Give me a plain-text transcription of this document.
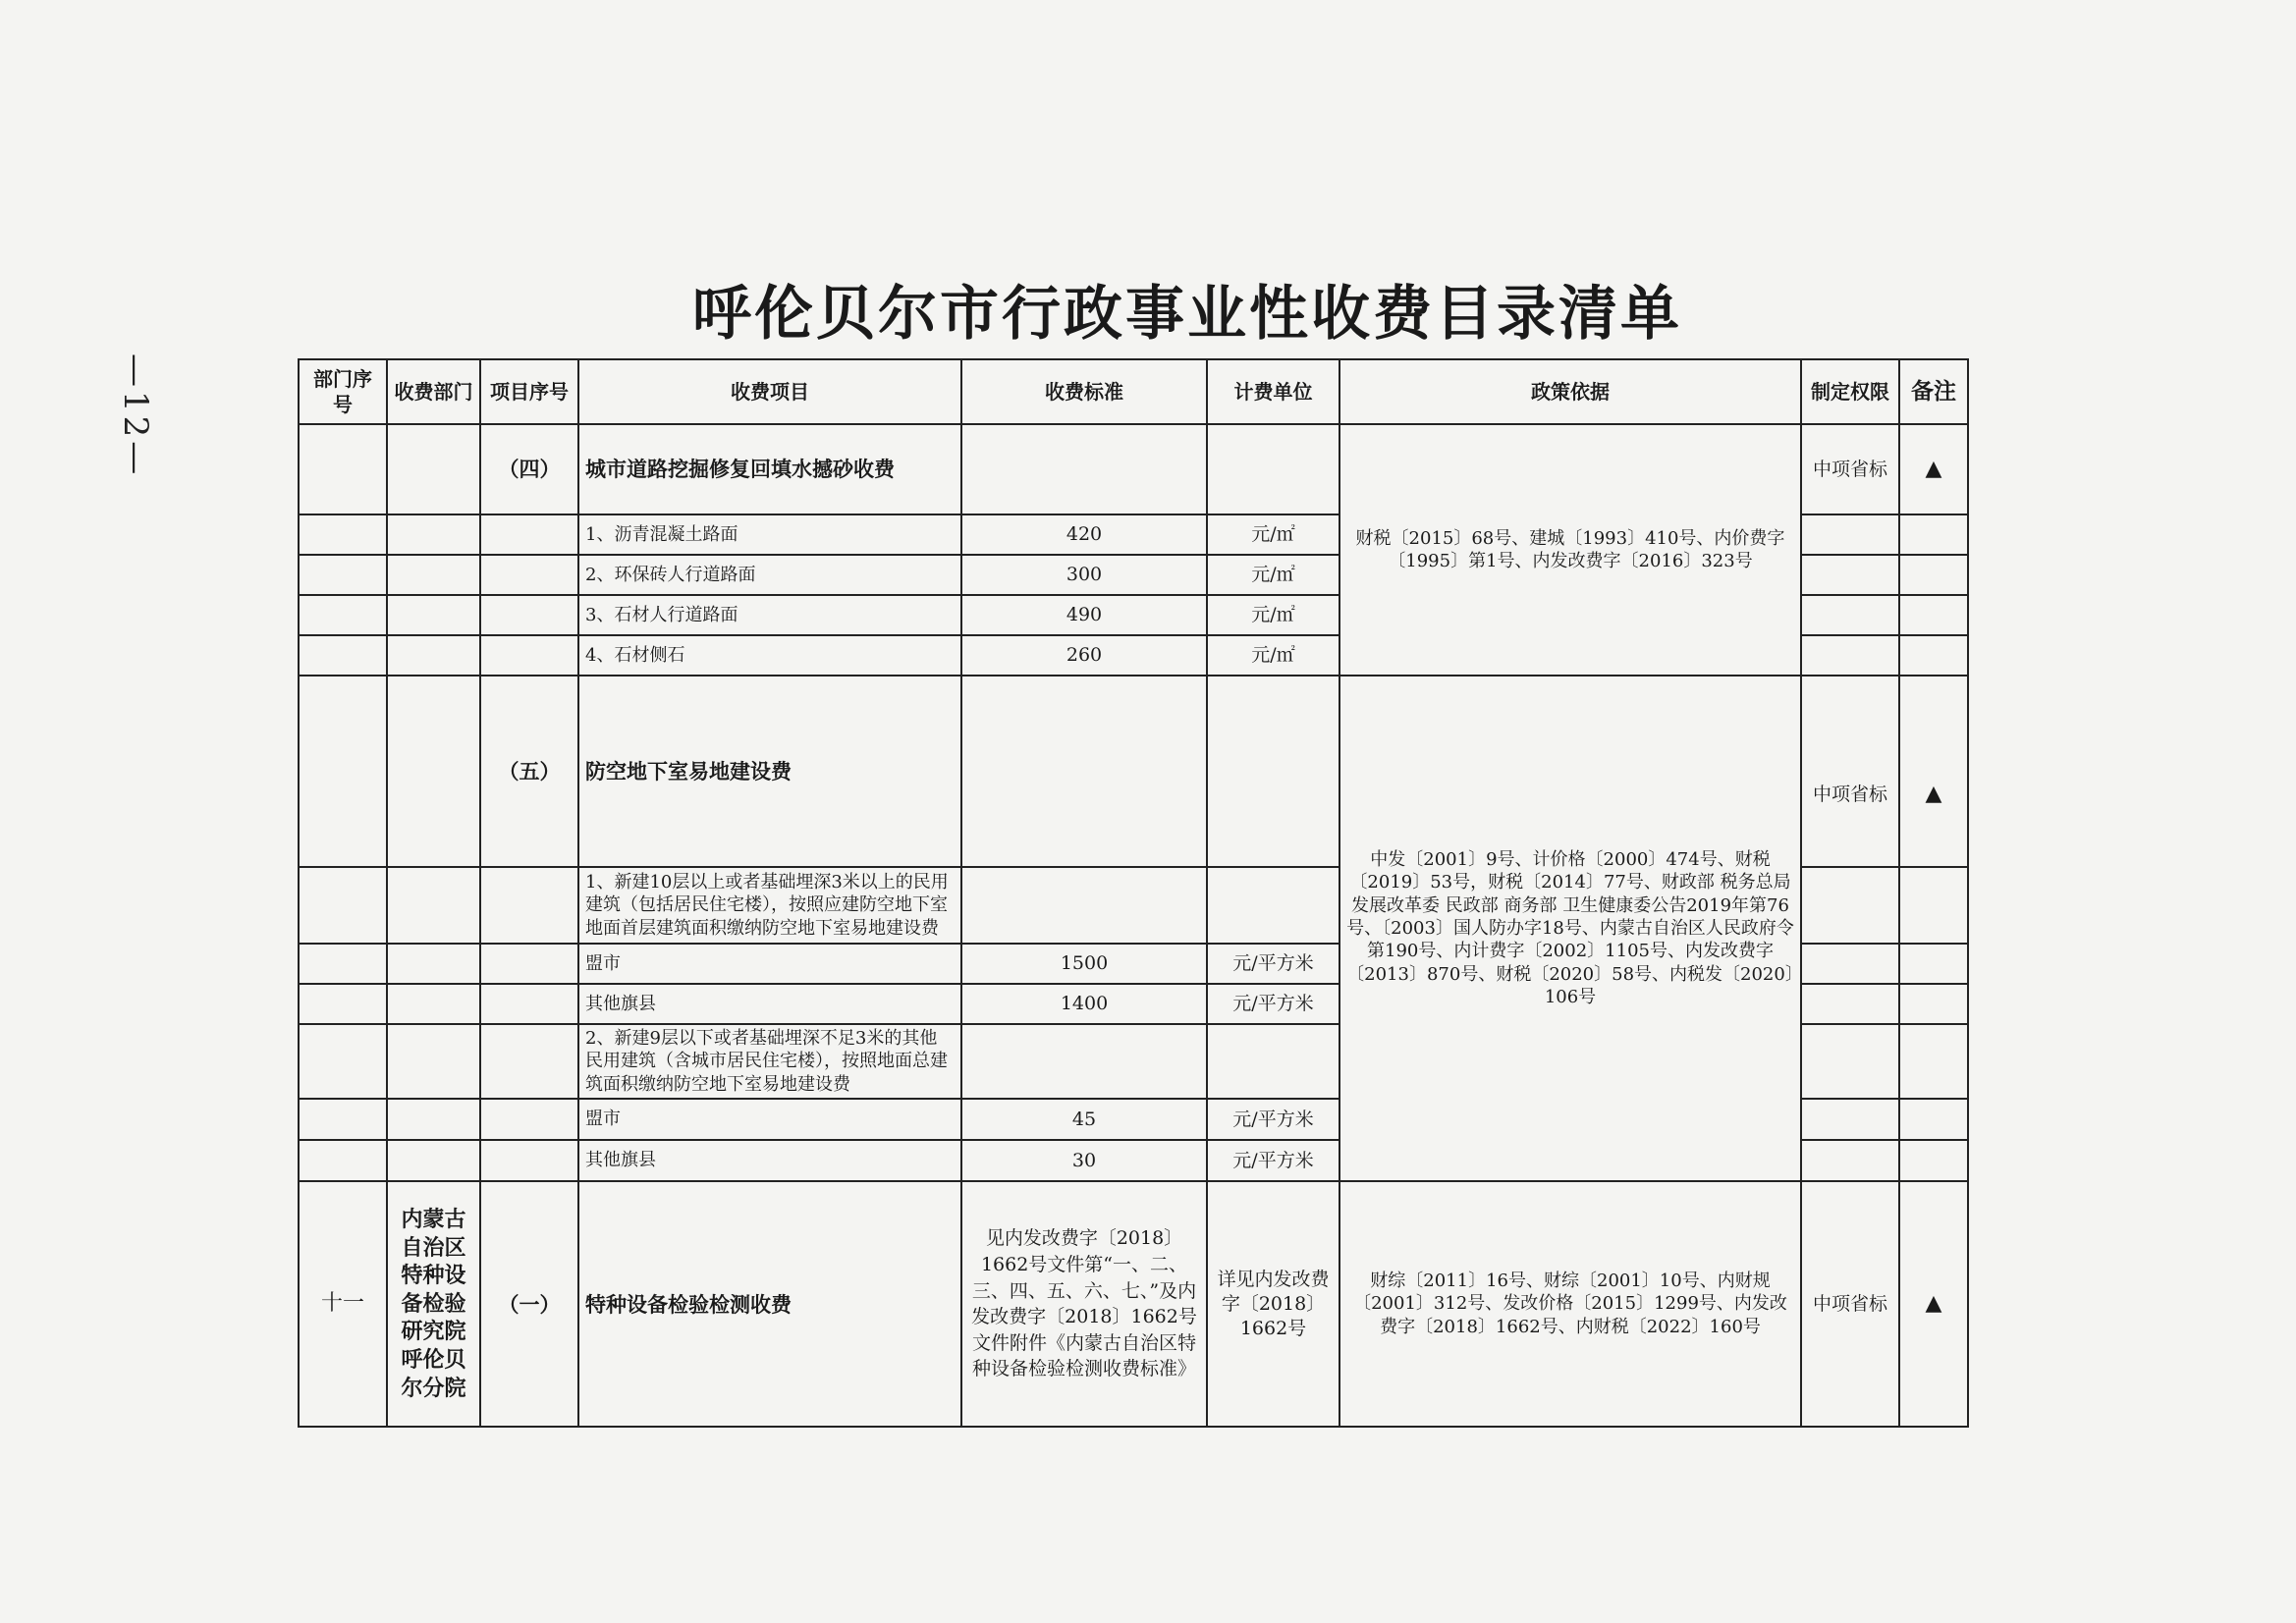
—12—
呼伦贝尔市行政事业性收费目录清单
部门序号	收费部门	项目序号	收费项目	收费标准	计费单位	政策依据	制定权限	备注
		（四）	城市道路挖掘修复回填水撼砂收费			财税〔2015〕68号、建城〔1993〕410号、内价费字〔1995〕第1号、内发改费字〔2016〕323号	中项省标	▲
			1、沥青混凝土路面	420	元/㎡			
			2、环保砖人行道路面	300	元/㎡			
			3、石材人行道路面	490	元/㎡			
			4、石材侧石	260	元/㎡			
		（五）	防空地下室易地建设费			中发〔2001〕9号、计价格〔2000〕474号、财税〔2019〕53号，财税〔2014〕77号、财政部 税务总局 发展改革委 民政部 商务部 卫生健康委公告2019年第76号、〔2003〕国人防办字18号、内蒙古自治区人民政府令第190号、内计费字〔2002〕1105号、内发改费字〔2013〕870号、财税〔2020〕58号、内税发〔2020〕106号	中项省标	▲
			1、新建10层以上或者基础埋深3米以上的民用建筑（包括居民住宅楼），按照应建防空地下室地面首层建筑面积缴纳防空地下室易地建设费					
			盟市	1500	元/平方米			
			其他旗县	1400	元/平方米			
			2、新建9层以下或者基础埋深不足3米的其他民用建筑（含城市居民住宅楼），按照地面总建筑面积缴纳防空地下室易地建设费					
			盟市	45	元/平方米			
			其他旗县	30	元/平方米			
十一	内蒙古自治区特种设备检验研究院呼伦贝尔分院	（一）	特种设备检验检测收费	见内发改费字〔2018〕1662号文件第“一、二、三、四、五、六、七、”及内发改费字〔2018〕1662号文件附件《内蒙古自治区特种设备检验检测收费标准》	详见内发改费字〔2018〕1662号	财综〔2011〕16号、财综〔2001〕10号、内财规〔2001〕312号、发改价格〔2015〕1299号、内发改费字〔2018〕1662号、内财税〔2022〕160号	中项省标	▲
